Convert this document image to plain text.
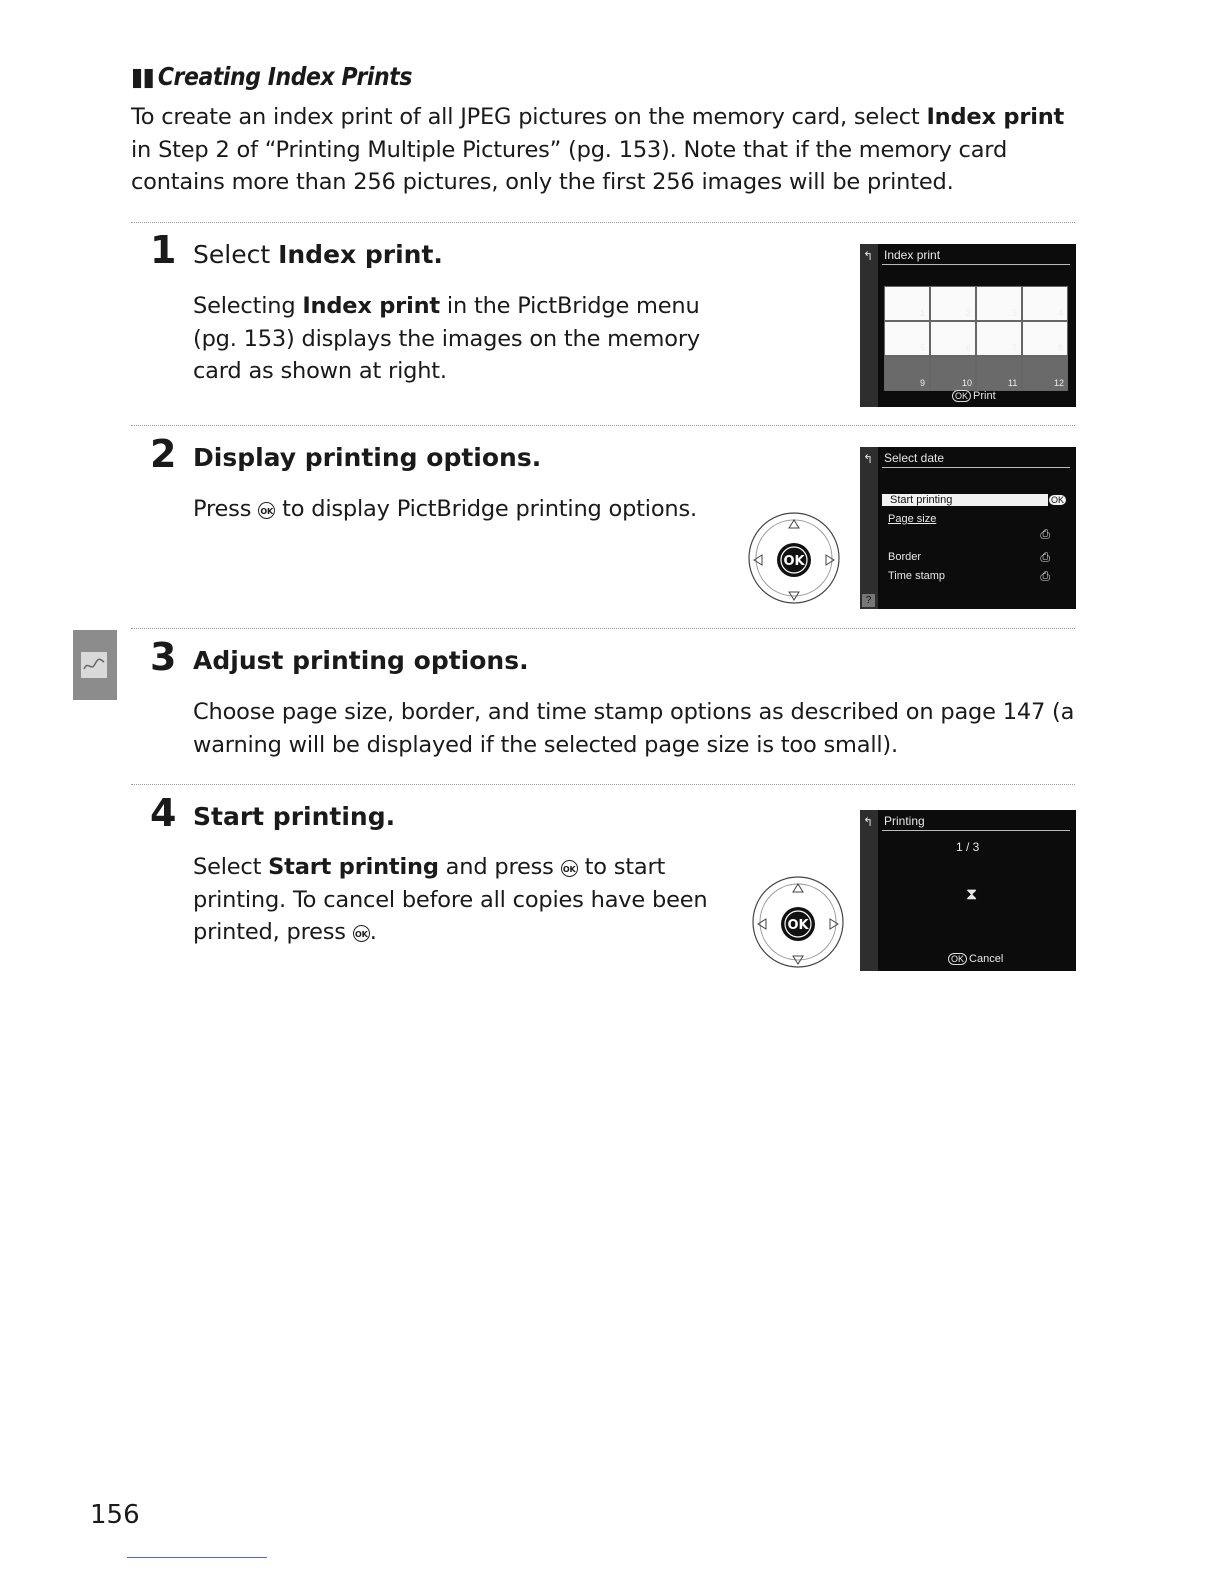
▮▮ Creating Index Prints
To create an index print of all JPEG pictures on the memory card, select Index print in Step 2 of “Printing Multiple Pictures” (pg. 153). Note that if the memory card contains more than 256 pictures, only the first 256 images will be printed.
1 Select Index print.
Selecting Index print in the PictBridge menu (pg. 153) displays the images on the memory card as shown at right.
↰ Index print
1	2	3	4
5	6	7	8
9	10	11	12
OK Print
2 Display printing options.
Press OK to display PictBridge printing options.
OK
↰ Select date
Start printing	OK
Page size
⎙
Border	⎙
Time stamp	⎙
?
3 Adjust printing options.
Choose page size, border, and time stamp options as described on page 147 (a warning will be displayed if the selected page size is too small).
4 Start printing.
Select Start printing and press OK to start printing. To cancel before all copies have been printed, press OK.	OK
↰ Printing
1 / 3
⧗
OK Cancel
156
